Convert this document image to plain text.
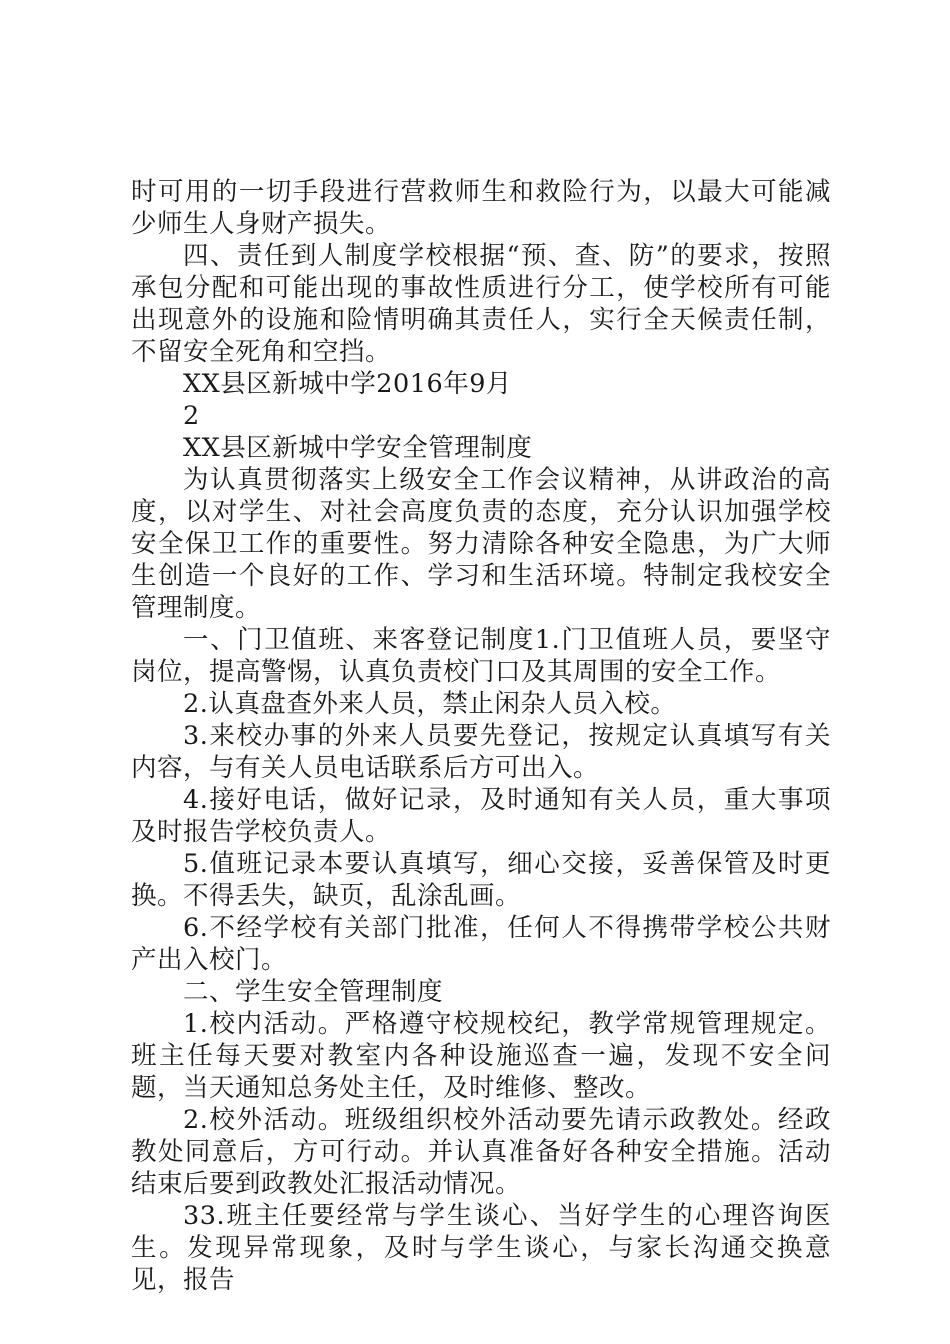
时可用的一切手段进行营救师生和救险行为，以最大可能减少师生人身财产损失。

四、责任到人制度学校根据“预、查、防”的要求，按照承包分配和可能出现的事故性质进行分工，使学校所有可能出现意外的设施和险情明确其责任人，实行全天候责任制，不留安全死角和空挡。

XX县区新城中学2016年9月

2

XX县区新城中学安全管理制度

为认真贯彻落实上级安全工作会议精神，从讲政治的高度，以对学生、对社会高度负责的态度，充分认识加强学校安全保卫工作的重要性。努力清除各种安全隐患，为广大师生创造一个良好的工作、学习和生活环境。特制定我校安全管理制度。

一、门卫值班、来客登记制度1.门卫值班人员，要坚守岗位，提高警惕，认真负责校门口及其周围的安全工作。

2.认真盘查外来人员，禁止闲杂人员入校。

3.来校办事的外来人员要先登记，按规定认真填写有关内容，与有关人员电话联系后方可出入。

4.接好电话，做好记录，及时通知有关人员，重大事项及时报告学校负责人。

5.值班记录本要认真填写，细心交接，妥善保管及时更换。不得丢失，缺页，乱涂乱画。

6.不经学校有关部门批准，任何人不得携带学校公共财产出入校门。

二、学生安全管理制度

1.校内活动。严格遵守校规校纪，教学常规管理规定。班主任每天要对教室内各种设施巡查一遍，发现不安全问题，当天通知总务处主任，及时维修、整改。

2.校外活动。班级组织校外活动要先请示政教处。经政教处同意后，方可行动。并认真准备好各种安全措施。活动结束后要到政教处汇报活动情况。

33.班主任要经常与学生谈心、当好学生的心理咨询医生。发现异常现象，及时与学生谈心，与家长沟通交换意见，报告
